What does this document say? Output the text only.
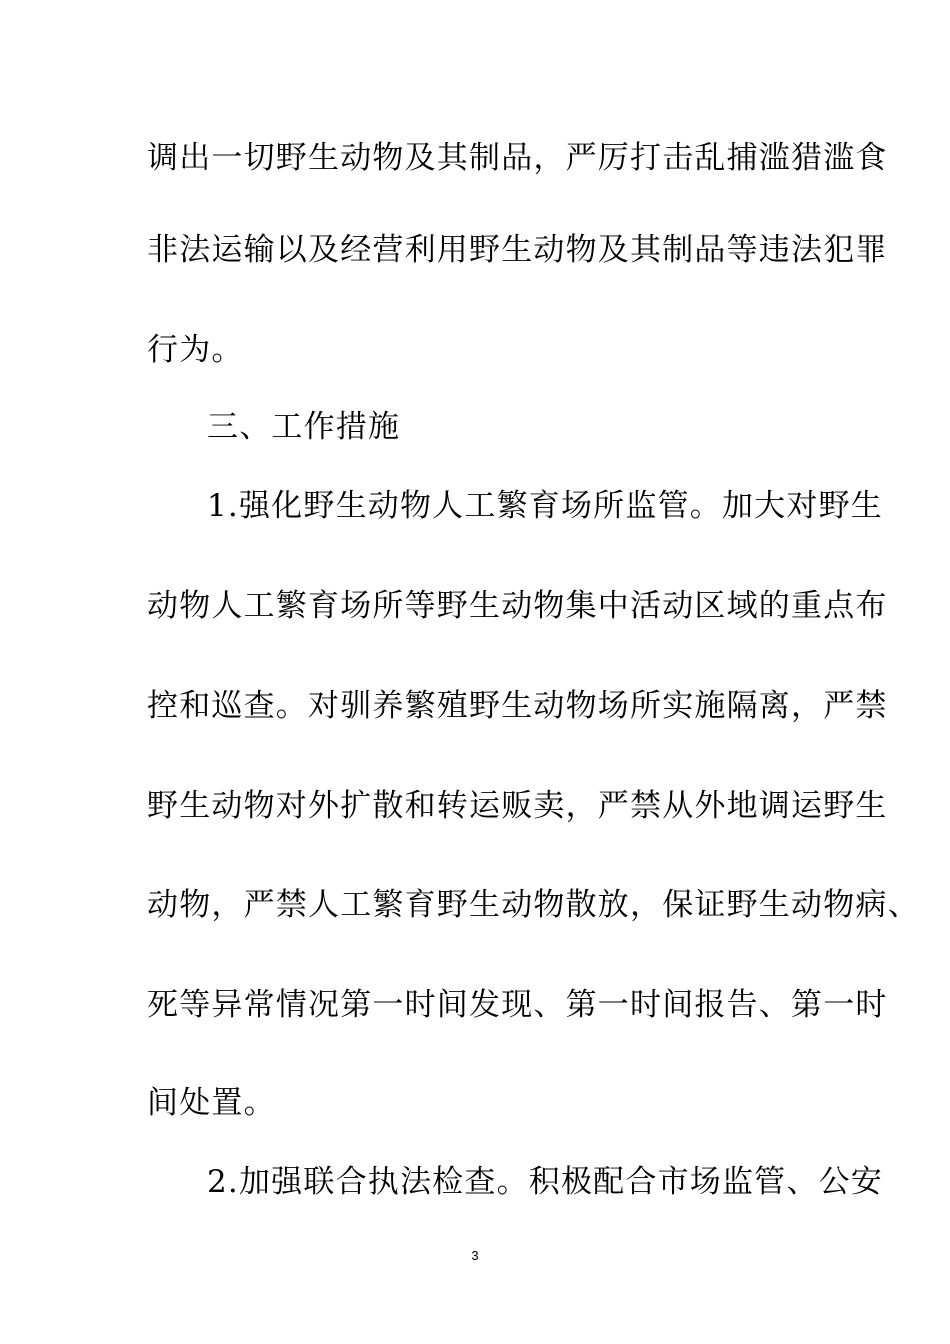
调出一切野生动物及其制品，严厉打击乱捕滥猎滥食
非法运输以及经营利用野生动物及其制品等违法犯罪
行为。
三、工作措施
1.强化野生动物人工繁育场所监管。加大对野生
动物人工繁育场所等野生动物集中活动区域的重点布
控和巡查。对驯养繁殖野生动物场所实施隔离，严禁
野生动物对外扩散和转运贩卖，严禁从外地调运野生
动物，严禁人工繁育野生动物散放，保证野生动物病、
死等异常情况第一时间发现、第一时间报告、第一时
间处置。
2.加强联合执法检查。积极配合市场监管、公安
3
